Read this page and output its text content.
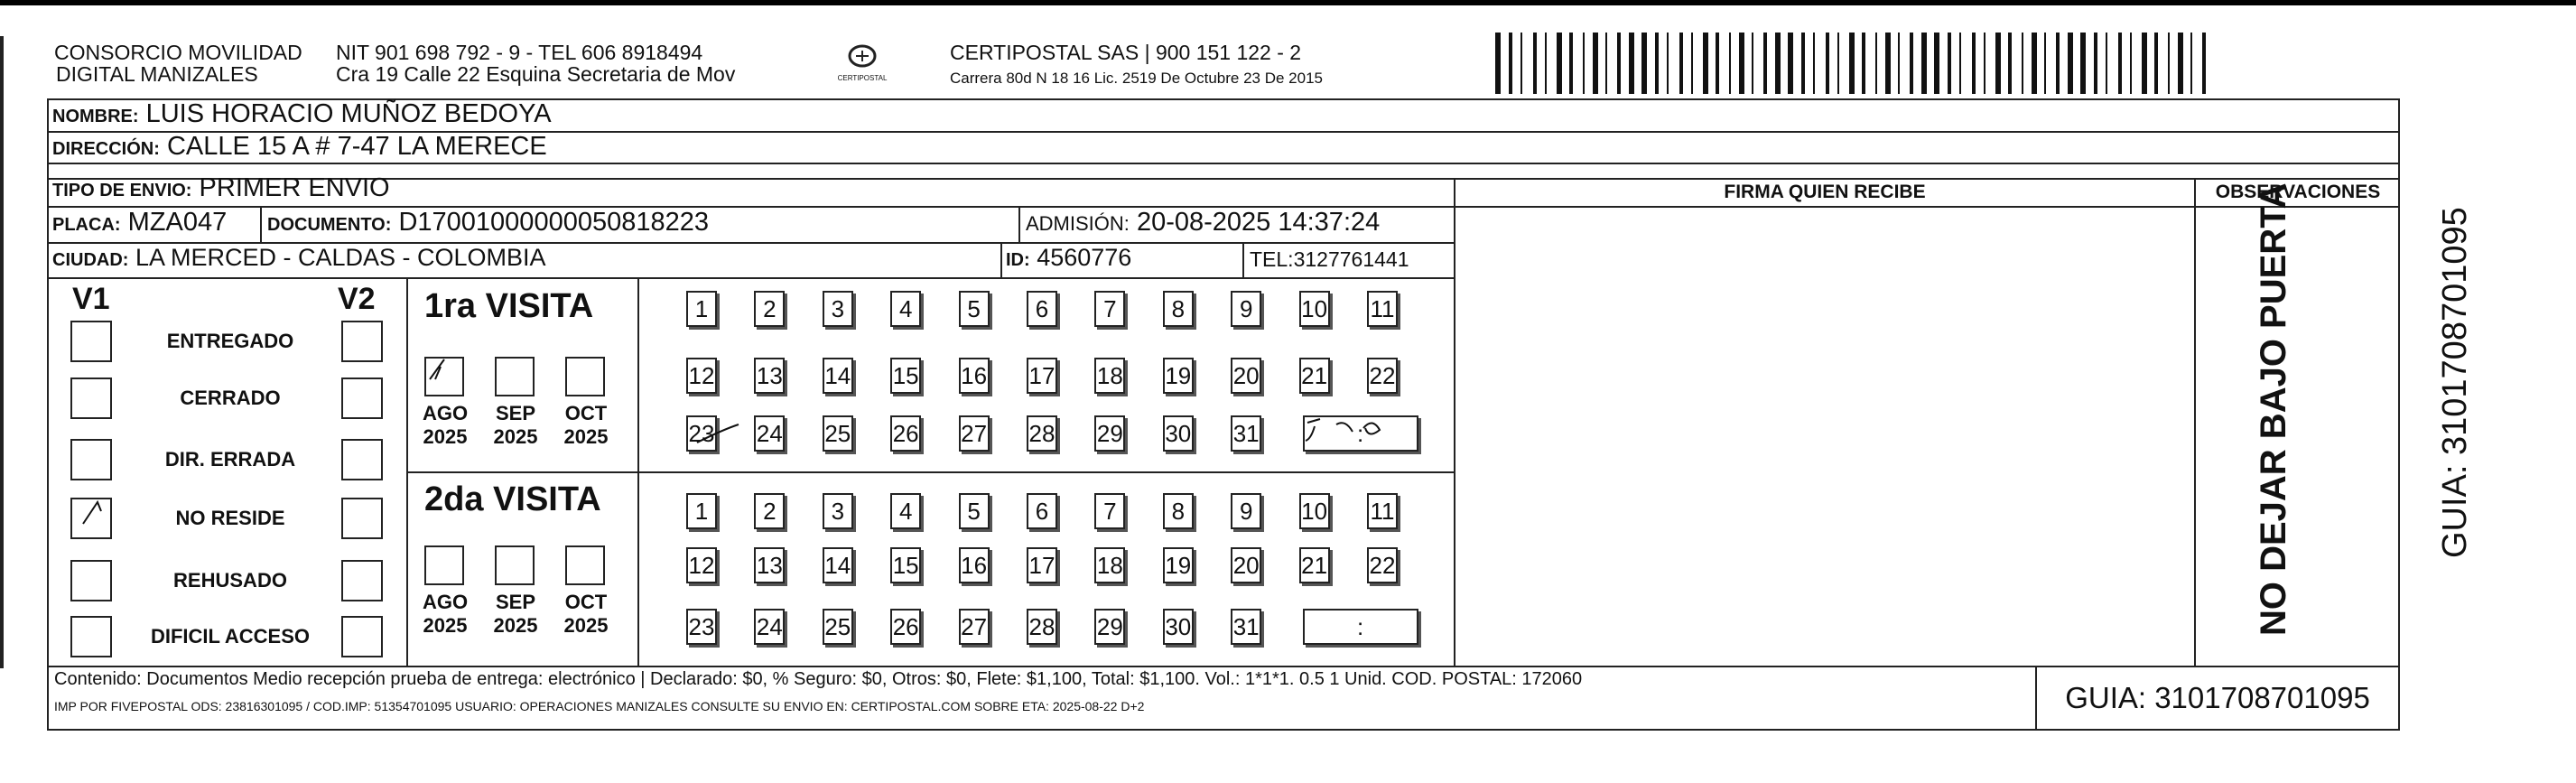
CONSORCIO MOVILIDAD
DIGITAL MANIZALES
NIT 901 698 792 - 9 - TEL 606 8918494
Cra 19 Calle 22 Esquina Secretaria de Mov	CERTIPOSTAL
CERTIPOSTAL SAS | 900 151 122 - 2
Carrera 80d N 18 16 Lic. 2519 De Octubre 23 De 2015
NOMBRE: LUIS HORACIO MUÑOZ BEDOYA
DIRECCIÓN: CALLE 15 A # 7-47 LA MERECE
TIPO DE ENVIO: PRIMER ENVIO
PLACA: MZA047 DOCUMENTO: D17001000000050818223	ADMISIÓN: 20-08-2025 14:37:24
CIUDAD: LA MERCED - CALDAS - COLOMBIA	ID: 4560776	TEL:3127761441
FIRMA QUIEN RECIBE	OBSERVACIONES
V1	V2
ENTREGADO
CERRADO
DIR. ERRADA
NO RESIDE
REHUSADO
DIFICIL ACCESO
1ra VISITA
2da VISITA
AGO
2025
SEP
2025
OCT
2025
AGO
2025
SEP
2025
OCT
2025
1	2	3	4	5	6	7	8	9	10 11
12 13 14 15 16 17 18 19 20 21 22
23 24 25 26 27 28 29 30 31	:
1	2	3	4	5	6	7	8	9	10 11
12 13 14 15 16 17 18 19 20 21 22
23 24 25 26 27 28 29 30 31	:
Contenido: Documentos Medio recepción prueba de entrega: electrónico | Declarado: $0, % Seguro: $0, Otros: $0, Flete: $1,100, Total: $1,100. Vol.: 1*1*1. 0.5 1 Unid. COD. POSTAL: 172060
IMP POR FIVEPOSTAL ODS: 23816301095 / COD.IMP: 51354701095 USUARIO: OPERACIONES MANIZALES CONSULTE SU ENVIO EN: CERTIPOSTAL.COM SOBRE ETA: 2025-08-22 D+2	GUIA: 3101708701095
NO DEJAR BAJO PUERTA	GUIA: 3101708701095
